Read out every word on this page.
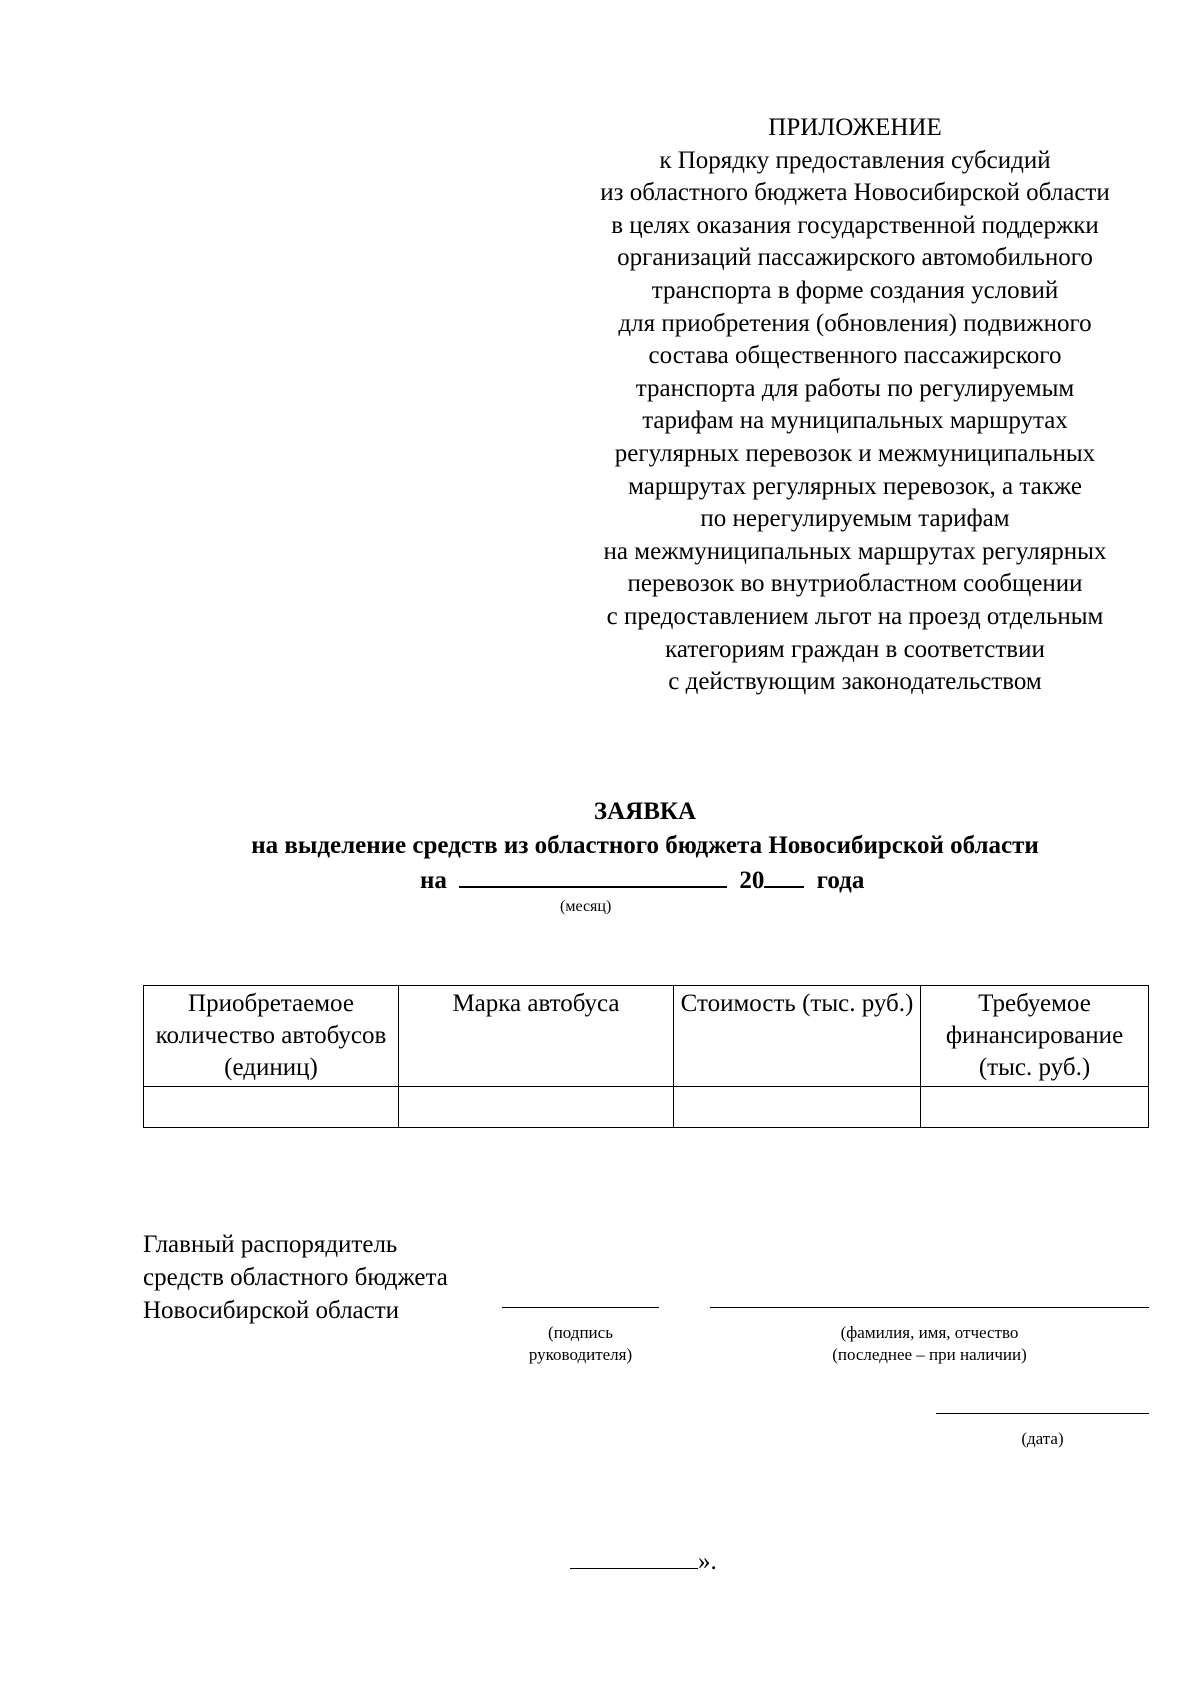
ПРИЛОЖЕНИЕ
к Порядку предоставления субсидий
из областного бюджета Новосибирской области
в целях оказания государственной поддержки
организаций пассажирского автомобильного
транспорта в форме создания условий
для приобретения (обновления) подвижного
состава общественного пассажирского
транспорта для работы по регулируемым
тарифам на муниципальных маршрутах
регулярных перевозок и межмуниципальных
маршрутах регулярных перевозок, а также
по нерегулируемым тарифам
на межмуниципальных маршрутах регулярных
перевозок во внутриобластном сообщении
с предоставлением льгот на проезд отдельным
категориям граждан в соответствии
с действующим законодательством
ЗАЯВКА
на выделение средств из областного бюджета Новосибирской области
на	20 года
(месяц)
Приобретаемое количество автобусов (единиц)	Марка автобуса	Стоимость (тыс. руб.)	Требуемое финансирование (тыс. руб.)

Главный распорядитель
средств областного бюджета
Новосибирской области
(подпись
руководителя)
(фамилия, имя, отчество
(последнее – при наличии)
(дата)
».
